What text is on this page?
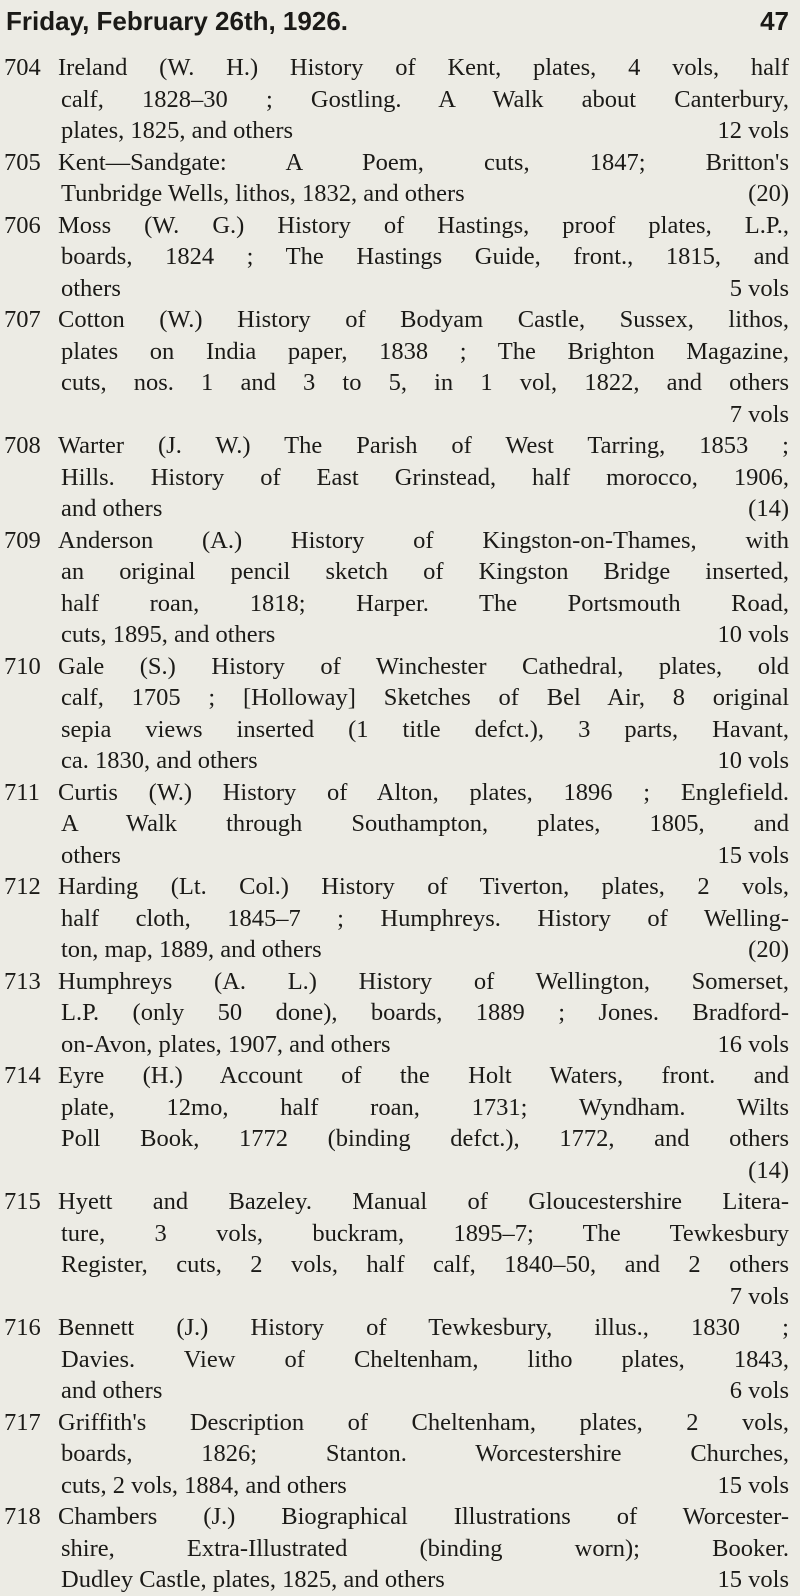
Friday, February 26th, 1926.	47
704 Ireland (W. H.) History of Kent, plates, 4 vols, half
calf, 1828–30 ; Gostling. A Walk about Canterbury,
plates, 1825, and others	12 vols
705 Kent—Sandgate: A Poem, cuts, 1847; Britton's
Tunbridge Wells, lithos, 1832, and others	(20)
706 Moss (W. G.) History of Hastings, proof plates, L.P.,
boards, 1824 ; The Hastings Guide, front., 1815, and
others	5 vols
707 Cotton (W.) History of Bodyam Castle, Sussex, lithos,
plates on India paper, 1838 ; The Brighton Magazine,
cuts, nos. 1 and 3 to 5, in 1 vol, 1822, and others
7 vols
708 Warter (J. W.) The Parish of West Tarring, 1853 ;
Hills. History of East Grinstead, half morocco, 1906,
and others	(14)
709 Anderson (A.) History of Kingston-on-Thames, with
an original pencil sketch of Kingston Bridge inserted,
half roan, 1818; Harper. The Portsmouth Road,
cuts, 1895, and others	10 vols
710 Gale (S.) History of Winchester Cathedral, plates, old
calf, 1705 ; [Holloway] Sketches of Bel Air, 8 original
sepia views inserted (1 title defct.), 3 parts, Havant,
ca. 1830, and others	10 vols
711 Curtis (W.) History of Alton, plates, 1896 ; Englefield.
A Walk through Southampton, plates, 1805, and
others	15 vols
712 Harding (Lt. Col.) History of Tiverton, plates, 2 vols,
half cloth, 1845–7 ; Humphreys. History of Welling-
ton, map, 1889, and others	(20)
713 Humphreys (A. L.) History of Wellington, Somerset,
L.P. (only 50 done), boards, 1889 ; Jones. Bradford-
on-Avon, plates, 1907, and others	16 vols
714 Eyre (H.) Account of the Holt Waters, front. and
plate, 12mo, half roan, 1731; Wyndham. Wilts
Poll Book, 1772 (binding defct.), 1772, and others
(14)
715 Hyett and Bazeley. Manual of Gloucestershire Litera-
ture, 3 vols, buckram, 1895–7; The Tewkesbury
Register, cuts, 2 vols, half calf, 1840–50, and 2 others
7 vols
716 Bennett (J.) History of Tewkesbury, illus., 1830 ;
Davies. View of Cheltenham, litho plates, 1843,
and others	6 vols
717 Griffith's Description of Cheltenham, plates, 2 vols,
boards, 1826; Stanton. Worcestershire Churches,
cuts, 2 vols, 1884, and others	15 vols
718 Chambers (J.) Biographical Illustrations of Worcester-
shire, Extra-Illustrated (binding worn); Booker.
Dudley Castle, plates, 1825, and others	15 vols
